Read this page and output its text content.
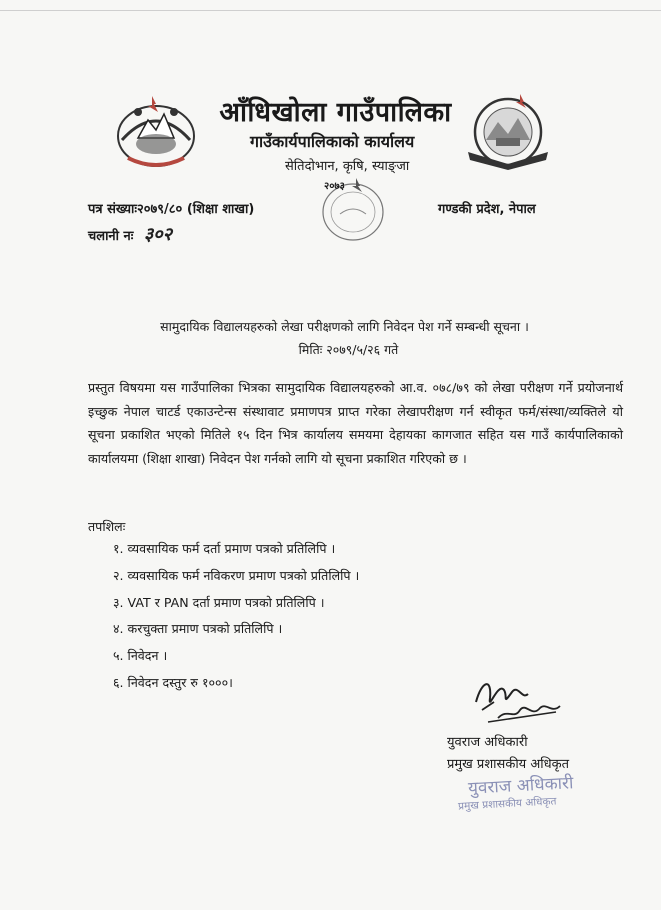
आँधिखोला गाउँपालिका
गाउँकार्यपालिकाको कार्यालय
सेतिदोभान, कृषि, स्याङ्जा
२०७३
पत्र संख्याः२०७९/८० (शिक्षा शाखा)
चलानी नः ३०२
गण्डकी प्रदेश, नेपाल
सामुदायिक विद्यालयहरुको लेखा परीक्षणको लागि निवेदन पेश गर्ने सम्बन्धी सूचना ।
मितिः २०७९/५/२६ गते
प्रस्तुत विषयमा यस गाउँपालिका भित्रका सामुदायिक विद्यालयहरुको आ.व. ०७८/७९ को लेखा परीक्षण गर्ने प्रयोजनार्थ इच्छुक नेपाल चाटर्ड एकाउन्टेन्स संस्थावाट प्रमाणपत्र प्राप्त गरेका लेखापरीक्षण गर्न स्वीकृत फर्म/संस्था/व्यक्तिले यो सूचना प्रकाशित भएको मितिले १५ दिन भित्र कार्यालय समयमा देहायका कागजात सहित यस गाउँ कार्यपालिकाको कार्यालयमा (शिक्षा शाखा) निवेदन पेश गर्नको लागि यो सूचना प्रकाशित गरिएको छ ।
तपशिलः
१. व्यवसायिक फर्म दर्ता प्रमाण पत्रको प्रतिलिपि ।
२. व्यवसायिक फर्म नविकरण प्रमाण पत्रको प्रतिलिपि ।
३. VAT र PAN दर्ता प्रमाण पत्रको प्रतिलिपि ।
४. करचुक्ता प्रमाण पत्रको प्रतिलिपि ।
५. निवेदन ।
६. निवेदन दस्तुर रु १०००।
युवराज अधिकारी
प्रमुख प्रशासकीय अधिकृत
युवराज अधिकारी
प्रमुख प्रशासकीय अधिकृत
